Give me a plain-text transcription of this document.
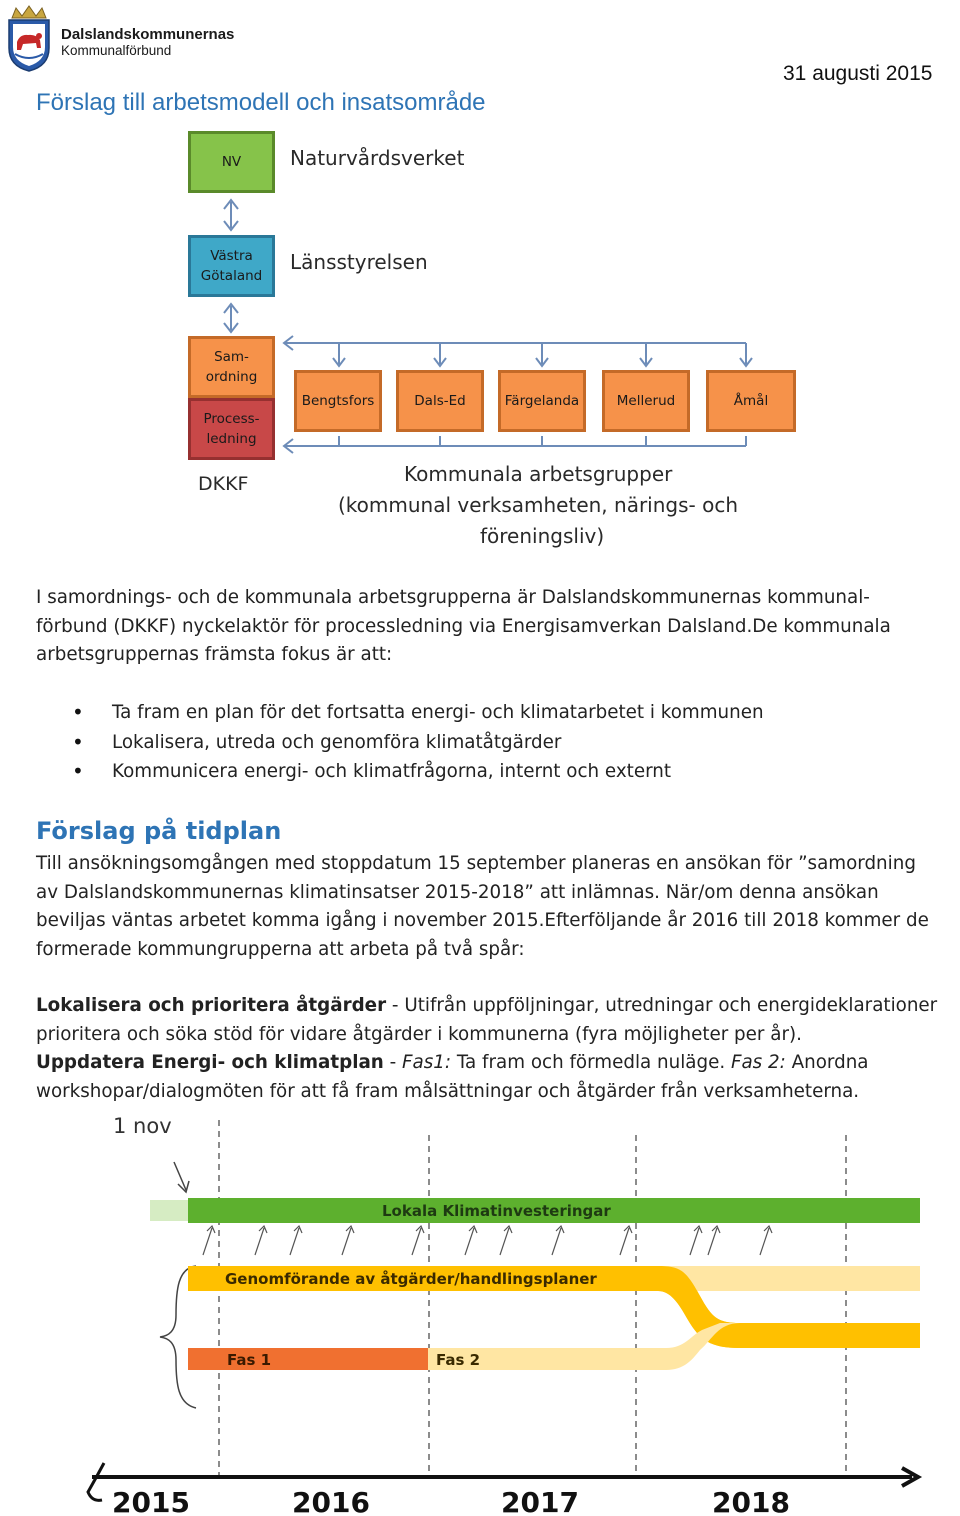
Dalslandskommunernas
Kommunalförbund
31 augusti 2015
Förslag till arbetsmodell och insatsområde
NV Naturvårdsverket
Västra
Götaland
Länsstyrelsen
Sam-
ordning
Process-
ledning
DKKF
Bengtsfors	Dals-Ed	Färgelanda	Mellerud	Åmål
Kommunala arbetsgrupper
(kommunal verksamheten, närings- och
föreningsliv)
I samordnings- och de kommunala arbetsgrupperna är Dalslandskommunernas kommunal-
förbund (DKKF) nyckelaktör för processledning via Energisamverkan Dalsland.De kommunala
arbetsgruppernas främsta fokus är att:
• Ta fram en plan för det fortsatta energi- och klimatarbetet i kommunen
• Lokalisera, utreda och genomföra klimatåtgärder
• Kommunicera energi- och klimatfrågorna, internt och externt
Förslag på tidplan
Till ansökningsomgången med stoppdatum 15 september planeras en ansökan för ”samordning
av Dalslandskommunernas klimatinsatser 2015-2018” att inlämnas. När/om denna ansökan
beviljas väntas arbetet komma igång i november 2015.Efterföljande år 2016 till 2018 kommer de
formerade kommungrupperna att arbeta på två spår:
Lokalisera och prioritera åtgärder - Utifrån uppföljningar, utredningar och energideklarationer
prioritera och söka stöd för vidare åtgärder i kommunerna (fyra möjligheter per år).
Uppdatera Energi- och klimatplan - Fas1: Ta fram och förmedla nuläge. Fas 2: Anordna
workshopar/dialogmöten för att få fram målsättningar och åtgärder från verksamheterna.
1 nov
Lokala Klimatinvesteringar
Genomförande av åtgärder/handlingsplaner
Fas 1	Fas 2
2015	2016	2017	2018
